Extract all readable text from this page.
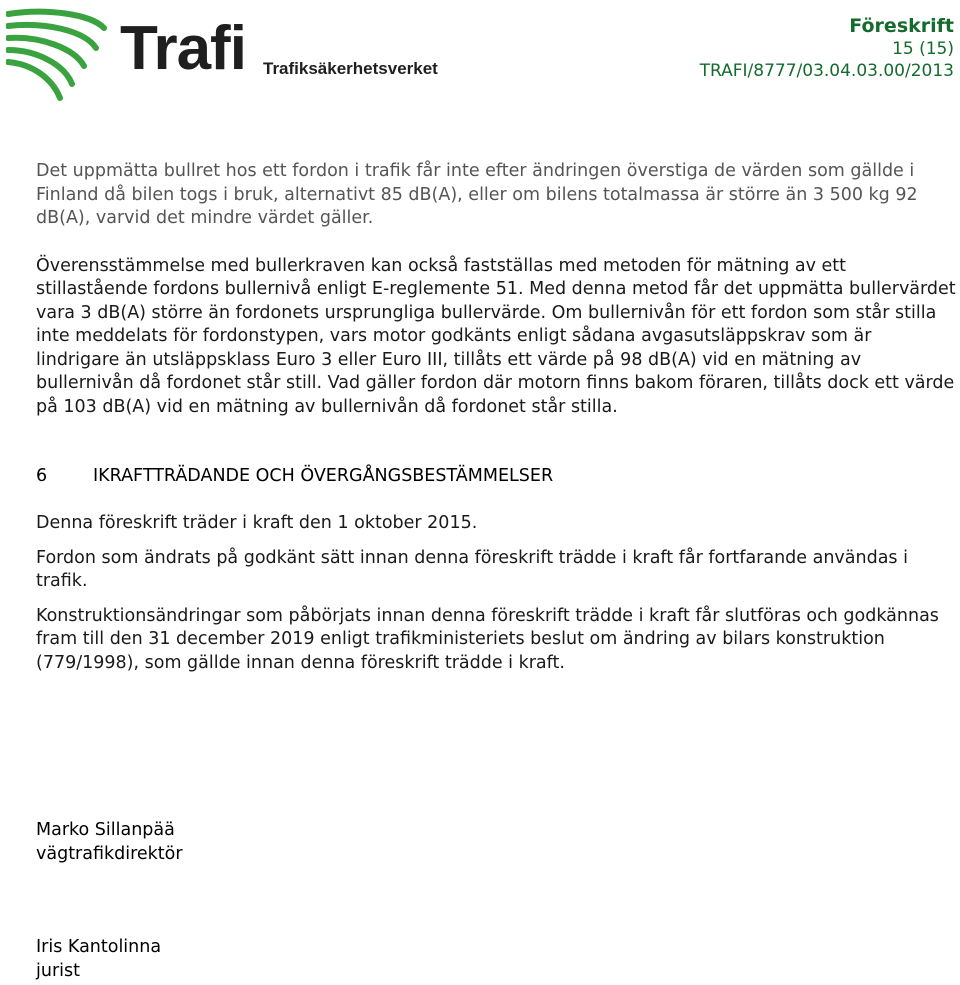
Trafi Trafiksäkerhetsverket
Föreskrift
15 (15)
TRAFI/8777/03.04.03.00/2013

Det uppmätta bullret hos ett fordon i trafik får inte efter ändringen överstiga de värden som gällde i Finland då bilen togs i bruk, alternativt 85 dB(A), eller om bilens totalmassa är större än 3 500 kg 92 dB(A), varvid det mindre värdet gäller.

Överensstämmelse med bullerkraven kan också fastställas med metoden för mätning av ett stillastående fordons bullernivå enligt E-reglemente 51. Med denna metod får det uppmätta bullervärdet vara 3 dB(A) större än fordonets ursprungliga bullervärde. Om bullernivån för ett fordon som står stilla inte meddelats för fordonstypen, vars motor godkänts enligt sådana avgasutsläppskrav som är lindrigare än utsläppsklass Euro 3 eller Euro III, tillåts ett värde på 98 dB(A) vid en mätning av bullernivån då fordonet står still. Vad gäller fordon där motorn finns bakom föraren, tillåts dock ett värde på 103 dB(A) vid en mätning av bullernivån då fordonet står stilla.

6	IKRAFTTRÄDANDE OCH ÖVERGÅNGSBESTÄMMELSER

Denna föreskrift träder i kraft den 1 oktober 2015.

Fordon som ändrats på godkänt sätt innan denna föreskrift trädde i kraft får fortfarande användas i trafik.

Konstruktionsändringar som påbörjats innan denna föreskrift trädde i kraft får slutföras och godkännas fram till den 31 december 2019 enligt trafikministeriets beslut om ändring av bilars konstruktion (779/1998), som gällde innan denna föreskrift trädde i kraft.

Marko Sillanpää
vägtrafikdirektör
Iris Kantolinna
jurist
